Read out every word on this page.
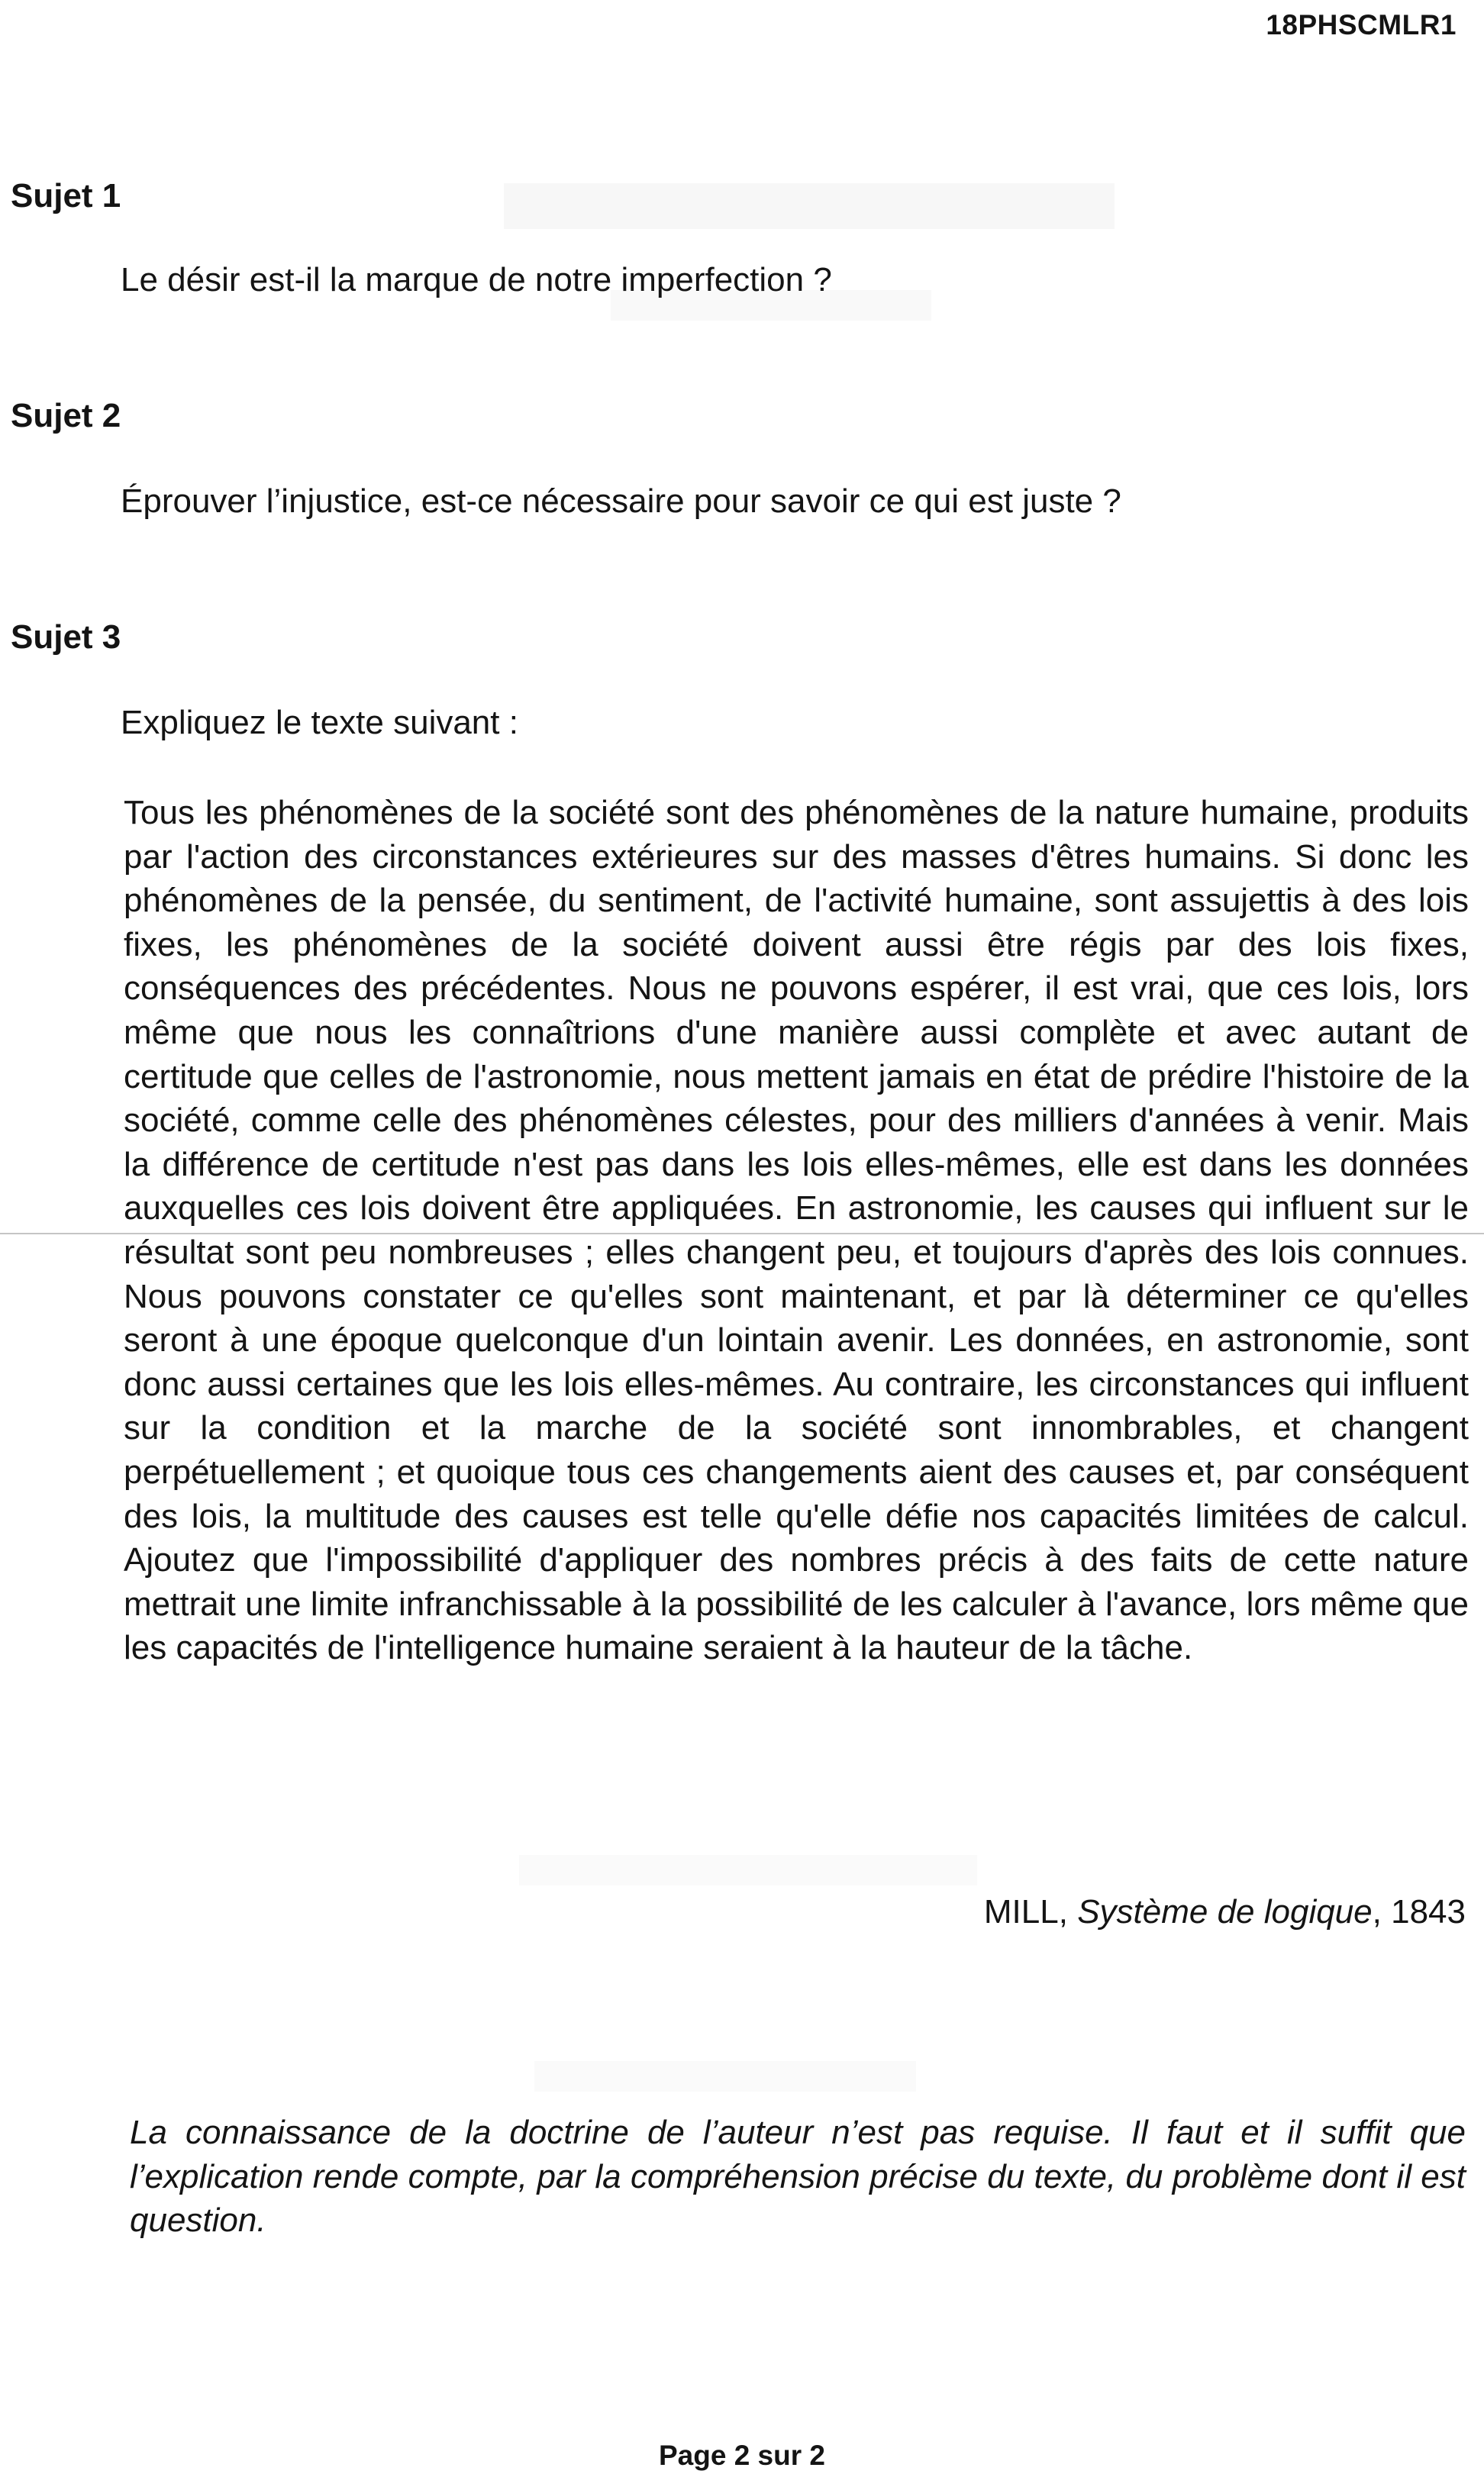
18PHSCMLR1
Sujet 1

Le désir est-il la marque de notre imperfection ?

Sujet 2

Éprouver l’injustice, est-ce nécessaire pour savoir ce qui est juste ?

Sujet 3

Expliquez le texte suivant :

Tous les phénomènes de la société sont des phénomènes de la nature humaine, produits par l'action des circonstances extérieures sur des masses d'êtres humains. Si donc les phénomènes de la pensée, du sentiment, de l'activité humaine, sont assujettis à des lois fixes, les phénomènes de la société doivent aussi être régis par des lois fixes, conséquences des précédentes. Nous ne pouvons espérer, il est vrai, que ces lois, lors même que nous les connaîtrions d'une manière aussi complète et avec autant de certitude que celles de l'astronomie, nous mettent jamais en état de prédire l'histoire de la société, comme celle des phénomènes célestes, pour des milliers d'années à venir. Mais la différence de certitude n'est pas dans les lois elles-mêmes, elle est dans les données auxquelles ces lois doivent être appliquées. En astronomie, les causes qui influent sur le résultat sont peu nombreuses ; elles changent peu, et toujours d'après des lois connues. Nous pouvons constater ce qu'elles sont maintenant, et par là déterminer ce qu'elles seront à une époque quelconque d'un lointain avenir. Les données, en astronomie, sont donc aussi certaines que les lois elles-mêmes. Au contraire, les circonstances qui influent sur la condition et la marche de la société sont innombrables, et changent perpétuellement ; et quoique tous ces changements aient des causes et, par conséquent des lois, la multitude des causes est telle qu'elle défie nos capacités limitées de calcul. Ajoutez que l'impossibilité d'appliquer des nombres précis à des faits de cette nature mettrait une limite infranchissable à la possibilité de les calculer à l'avance, lors même que les capacités de l'intelligence humaine seraient à la hauteur de la tâche.

MILL, Système de logique, 1843

La connaissance de la doctrine de l’auteur n’est pas requise. Il faut et il suffit que l’explication rende compte, par la compréhension précise du texte, du problème dont il est question.

Page 2 sur 2
